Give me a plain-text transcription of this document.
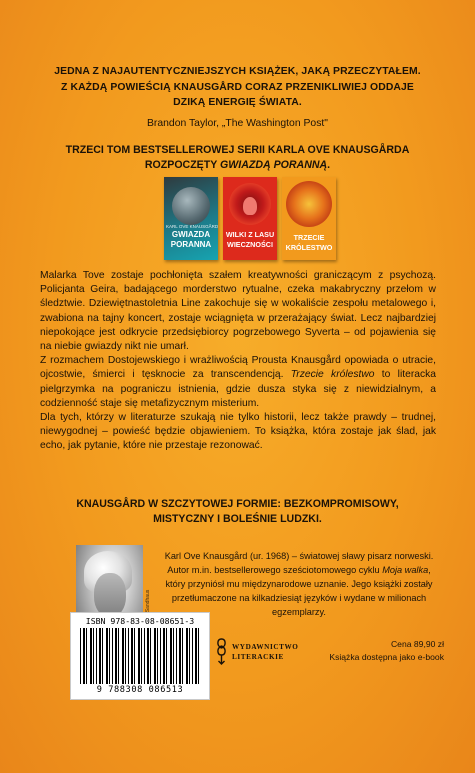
JEDNA Z NAJAUTENTYCZNIEJSZYCH KSIĄŻEK, JAKĄ PRZECZYTAŁEM.
Z KAŻDĄ POWIEŚCIĄ KNAUSGÅRD CORAZ PRZENIKLIWIEJ ODDAJE
DZIKĄ ENERGIĘ ŚWIATA.
Brandon Taylor, „The Washington Post"
TRZECI TOM BESTSELLEROWEJ SERII KARLA OVE KNAUSGÅRDA
ROZPOCZĘTY GWIAZDĄ PORANNĄ.
KARL OVE KNAUSGÅRD
GWIAZDA
PORANNA
WILKI Z LASU
WIECZNOŚCI
TRZECIE
KRÓLESTWO

Malarka Tove zostaje pochłonięta szałem kreatywności graniczącym z psychozą. Policjanta Geira, badającego morderstwo rytualne, czeka makabryczny przełom w śledztwie. Dziewiętnastoletnia Line zakochuje się w wokaliście zespołu metalowego i, zwabiona na tajny koncert, zostaje wciągnięta w przerażający świat. Lecz najbardziej niepokojące jest odkrycie przedsiębiorcy pogrzebowego Syverta – od pojawienia się na niebie gwiazdy nikt nie umarł.

Z rozmachem Dostojewskiego i wrażliwością Prousta Knausgård opowiada o utracie, ojcostwie, śmierci i tęsknocie za transcendencją. Trzecie królestwo to literacka pielgrzymka na pograniczu istnienia, gdzie dusza styka się z niewidzialnym, a codzienność staje się metafizycznym misterium.

Dla tych, którzy w literaturze szukają nie tylko historii, lecz także prawdy – trudnej, niewygodnej – powieść będzie objawieniem. To książka, która zostaje jak ślad, jak echo, jak pytanie, które nie przestaje rezonować.

KNAUSGÅRD W SZCZYTOWEJ FORMIE: BEZKOMPROMISOWY,
MISTYCZNY I BOLEŚNIE LUDZKI.
Karl Ove Knausgård (ur. 1968) – światowej sławy pisarz norweski. Autor m.in. bestsellerowego sześciotomowego cyklu Moja walka, który przyniósł mu międzynarodowe uznanie. Jego książki zostały przetłumaczone na kilkadziesiąt języków i wydane w milionach egzemplarzy.
ISBN 978-83-08-08651-3
9 788308 086513
WYDAWNICTWO
LITERACKIE
Cena 89,90 zł
Książka dostępna jako e-book
